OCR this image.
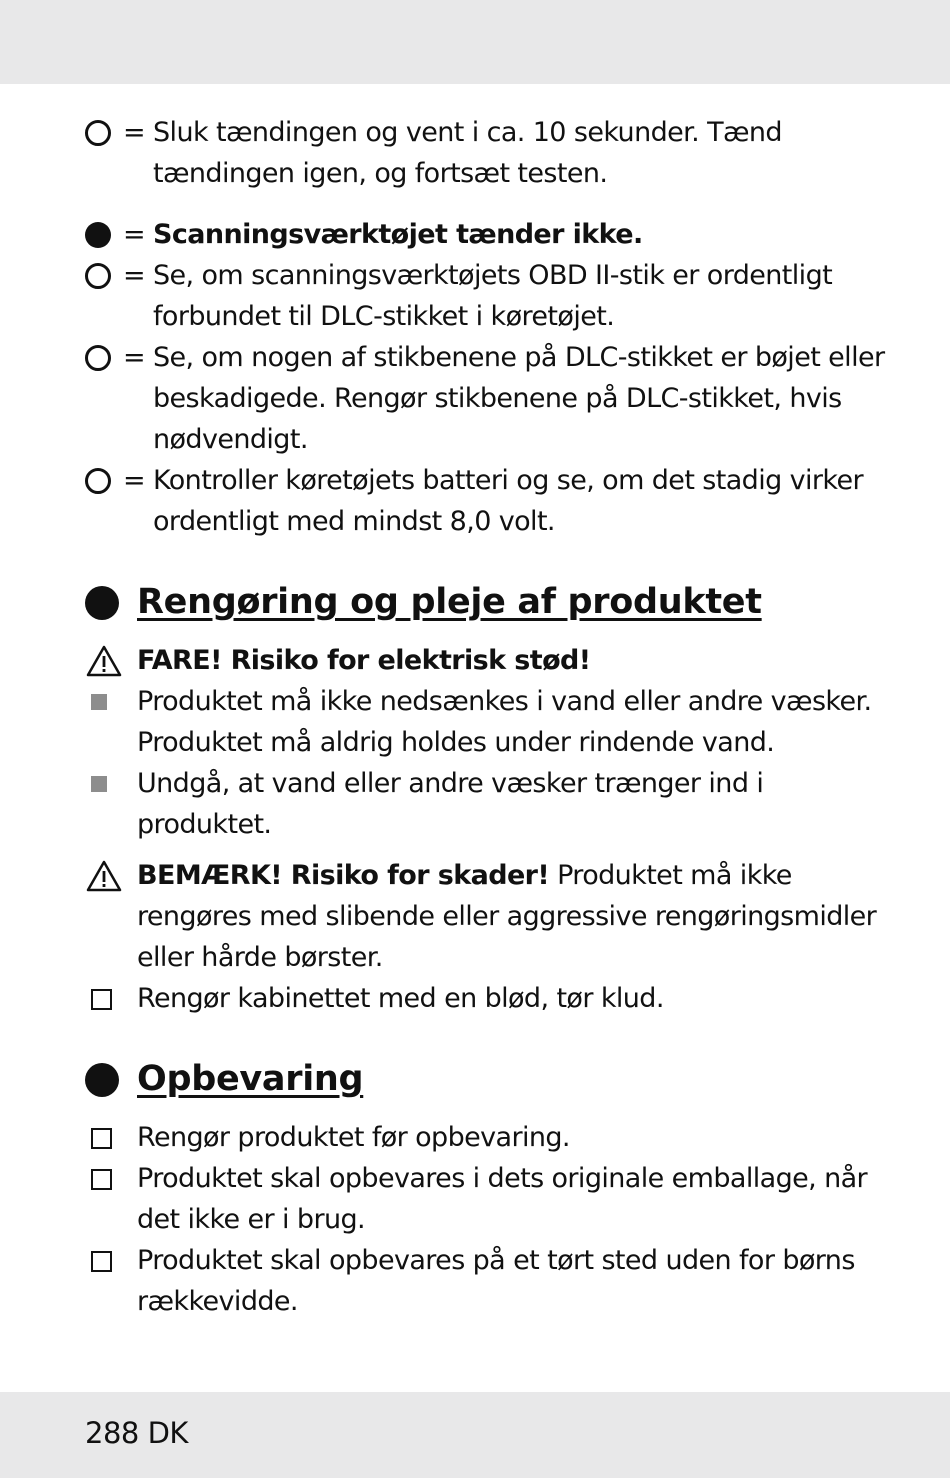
= Sluk tændingen og vent i ca. 10 sekunder. Tænd tændingen igen, og fortsæt testen.
= Scanningsværktøjet tænder ikke.
= Se, om scanningsværktøjets OBD II-stik er ordentligt forbundet til DLC-stikket i køretøjet.
= Se, om nogen af stikbenene på DLC-stikket er bøjet eller beskadigede. Rengør stikbenene på DLC-stikket, hvis nødvendigt.
= Kontroller køretøjets batteri og se, om det stadig virker ordentligt med mindst 8,0 volt.
Rengøring og pleje af produktet
FARE! Risiko for elektrisk stød!
Produktet må ikke nedsænkes i vand eller andre væsker. Produktet må aldrig holdes under rindende vand.
Undgå, at vand eller andre væsker trænger ind i produktet.
BEMÆRK! Risiko for skader! Produktet må ikke rengøres med slibende eller aggressive rengøringsmidler eller hårde børster.
Rengør kabinettet med en blød, tør klud.
Opbevaring
Rengør produktet før opbevaring.
Produktet skal opbevares i dets originale emballage, når det ikke er i brug.
Produktet skal opbevares på et tørt sted uden for børns rækkevidde.
288 DK
